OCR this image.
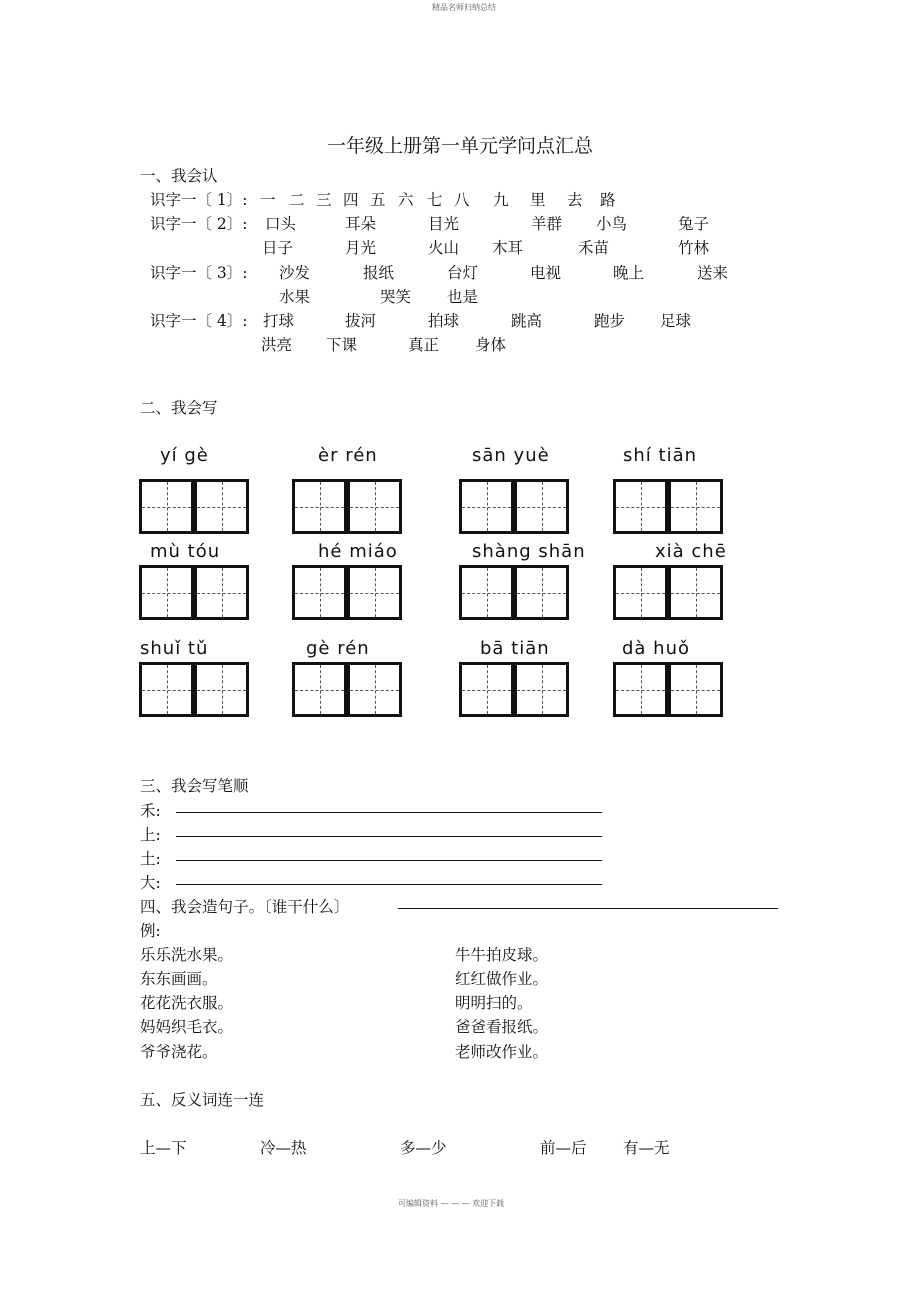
精品名师归纳总结
一年级上册第一单元学问点汇总
一、我会认
识字一〔 1〕: 一 二 三 四 五 六 七 八 九 里 去 路
识字一〔 2〕: 口头	耳朵	目光	羊群 小鸟	兔子
日子	月光	火山 木耳	禾苗	竹林
识字一〔 3〕: 沙发	报纸	台灯	电视	晚上	送来
水果	哭笑 也是
识字一〔 4〕: 打球	拔河	拍球	跳高	跑步 足球
洪亮 下课	真正 身体
二、我会写
yí gè	èr rén	sān yuè	shí tiān
mù tóu	hé miáo	shàng shān	xià chē
shuǐ tǔ	gè rén	bā tiān	dà huǒ
三、我会写笔顺
禾:
上:
土:
大:
四、我会造句子。〔谁干什么〕
例:
乐乐洗水果。
东东画画。
花花洗衣服。
妈妈织毛衣。
爷爷浇花。
牛牛拍皮球。
红红做作业。
明明扫的。
爸爸看报纸。
老师改作业。
五、反义词连一连
上—下	冷—热	多—少	前—后 有—无
可编辑资料 — — — 欢迎下载
